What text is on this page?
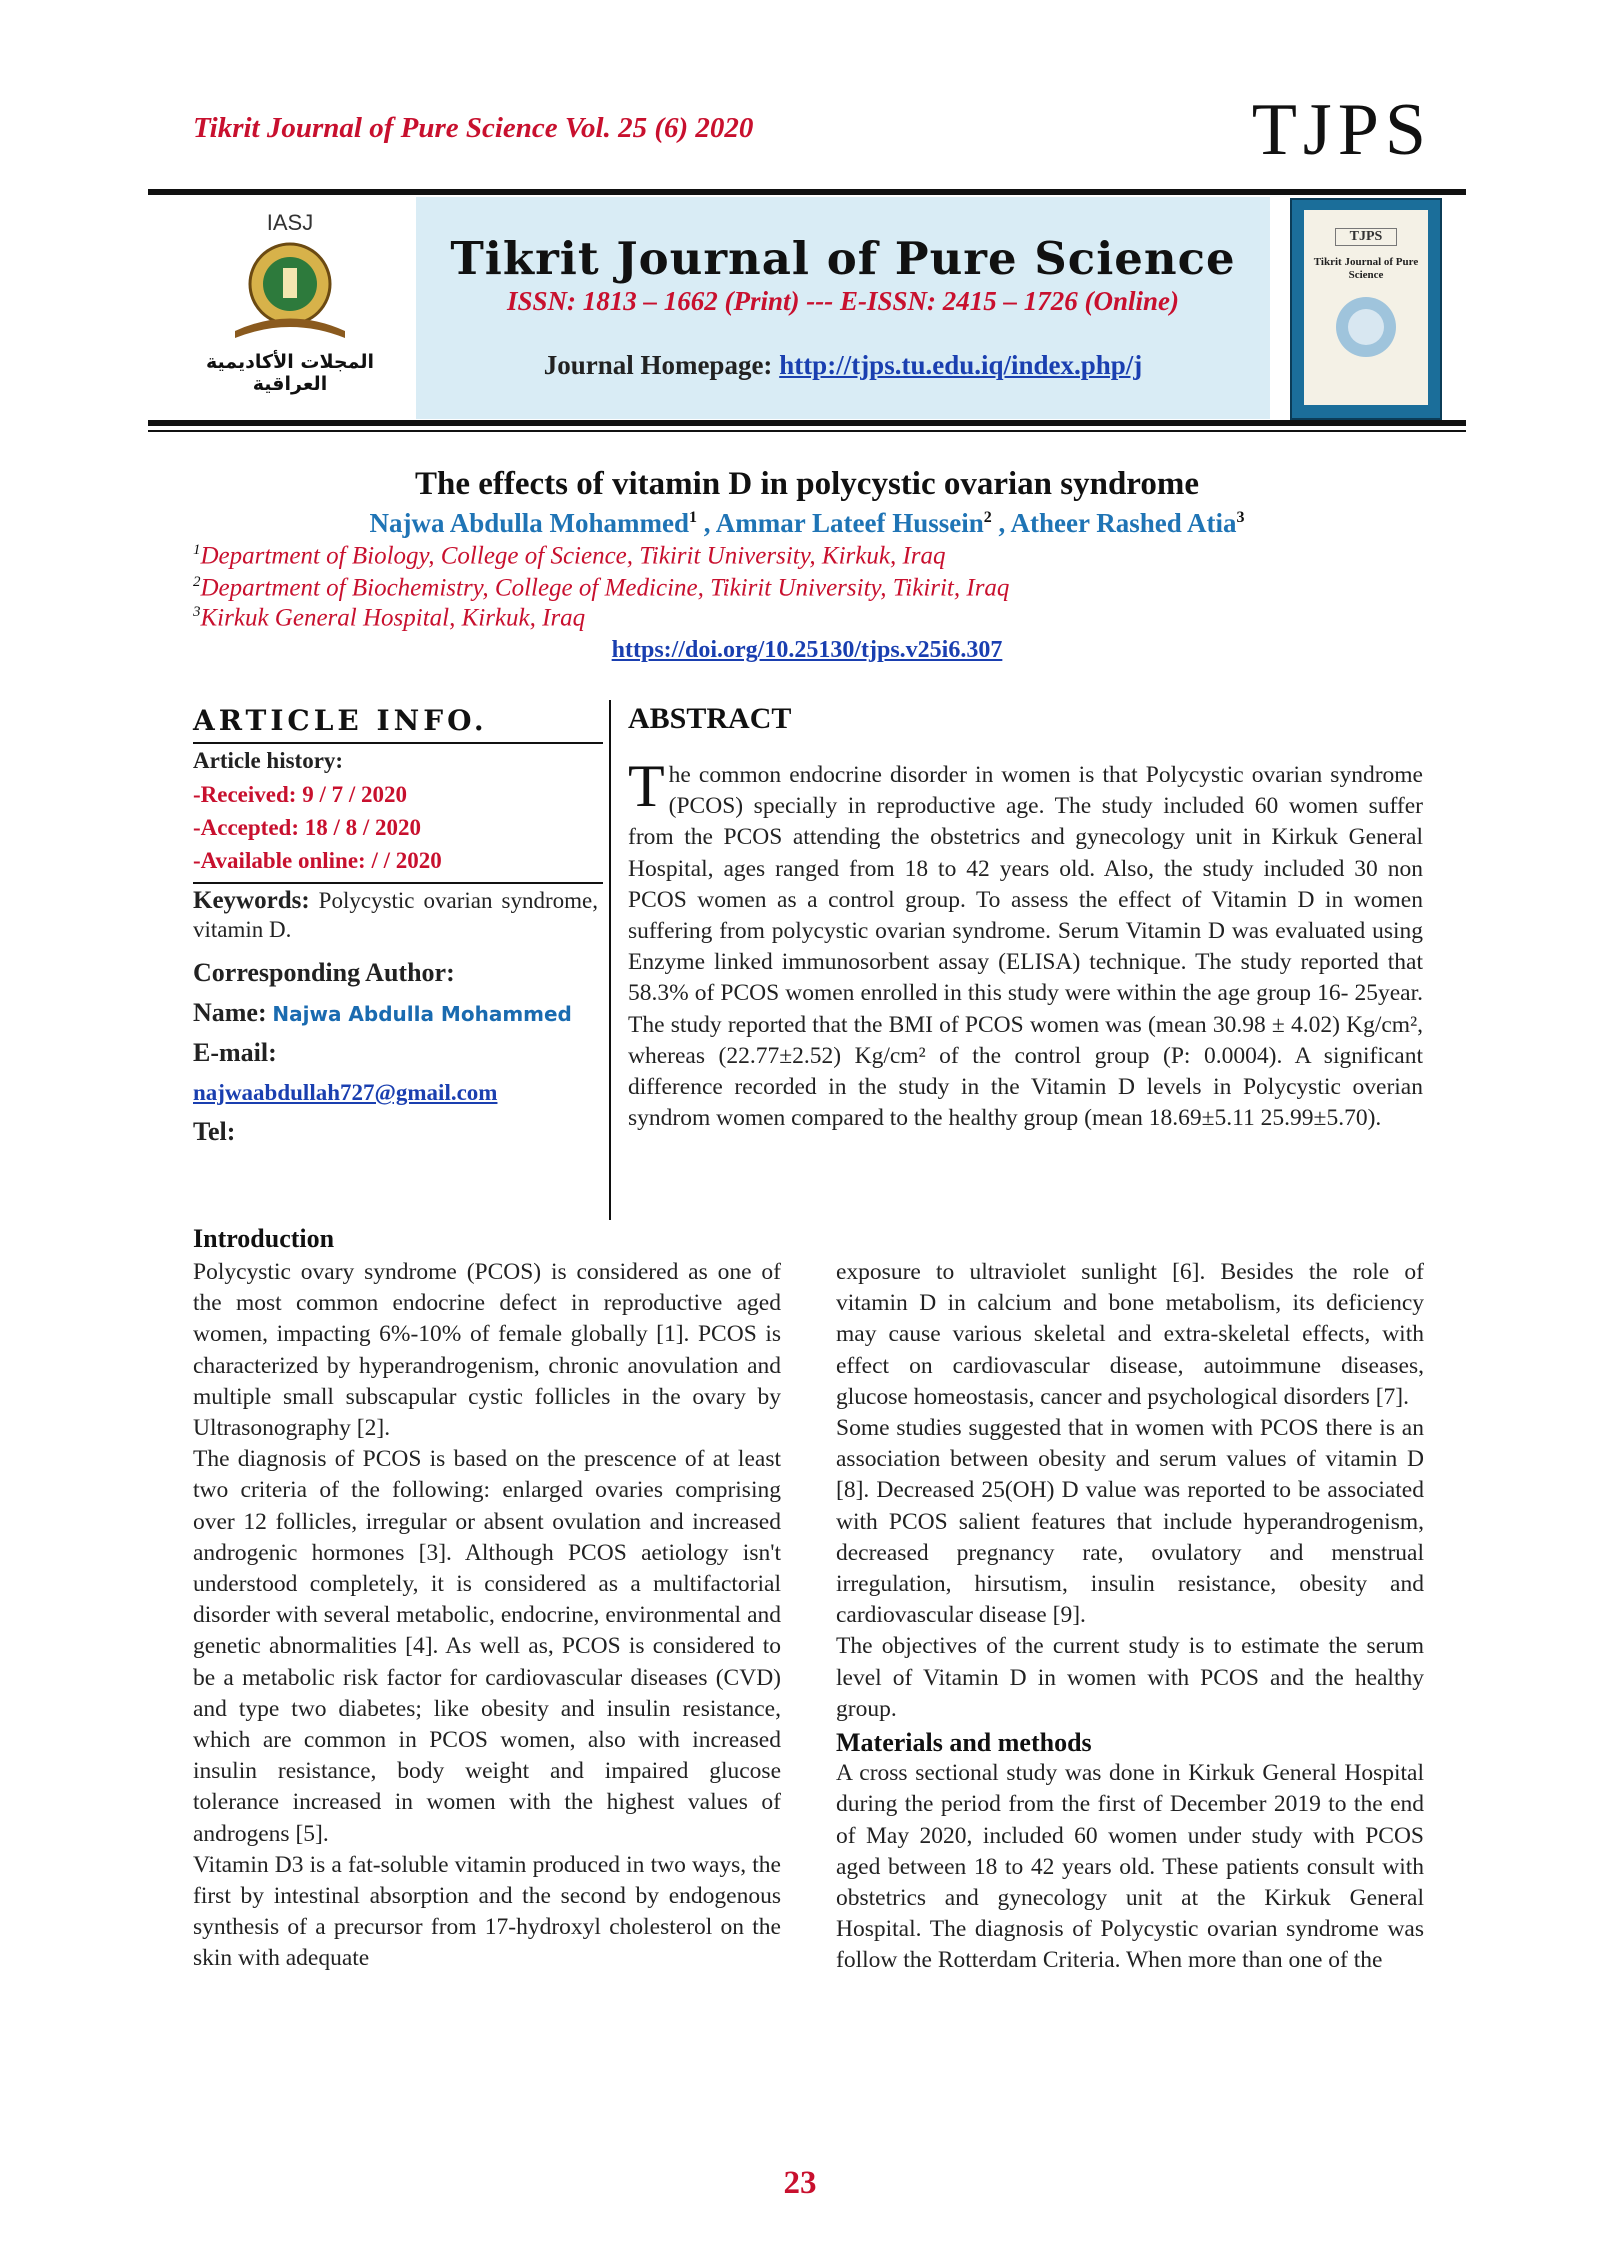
Tikrit Journal of Pure Science Vol. 25 (6) 2020	TJPS
IASJ
المجلات الأكاديمية العراقية
Tikrit Journal of Pure Science
ISSN: 1813 – 1662 (Print) --- E-ISSN: 2415 – 1726 (Online)
Journal Homepage: http://tjps.tu.edu.iq/index.php/j
TJPS
Tikrit Journal of Pure Science
The effects of vitamin D in polycystic ovarian syndrome
Najwa Abdulla Mohammed$^1$ , Ammar Lateef Hussein$^2$ , Atheer Rashed Atia$^3$
$^1$Department of Biology, College of Science, Tikirit University, Kirkuk, Iraq
$^2$Department of Biochemistry, College of Medicine, Tikirit University, Tikirit, Iraq
$^3$Kirkuk General Hospital, Kirkuk, Iraq
https://doi.org/10.25130/tjps.v25i6.307
ARTICLE INFO.
Article history:
-Received: 9 / 7 / 2020
-Accepted: 18 / 8 / 2020
-Available online: / / 2020
Keywords: Polycystic ovarian syndrome, vitamin D.
Corresponding Author:
Name: Najwa Abdulla Mohammed
E-mail:
najwaabdullah727@gmail.com
Tel:
ABSTRACT
The common endocrine disorder in women is that Polycystic ovarian syndrome (PCOS) specially in reproductive age. The study included 60 women suffer from the PCOS attending the obstetrics and gynecology unit in Kirkuk General Hospital, ages ranged from 18 to 42 years old. Also, the study included 30 non PCOS women as a control group. To assess the effect of Vitamin D in women suffering from polycystic ovarian syndrome. Serum Vitamin D was evaluated using Enzyme linked immunosorbent assay (ELISA) technique. The study reported that 58.3% of PCOS women enrolled in this study were within the age group 16- 25year. The study reported that the BMI of PCOS women was (mean 30.98 ± 4.02) Kg/cm², whereas (22.77±2.52) Kg/cm² of the control group (P: 0.0004). A significant difference recorded in the study in the Vitamin D levels in Polycystic overian syndrom women compared to the healthy group (mean 18.69±5.11 25.99±5.70).
Introduction

Polycystic ovary syndrome (PCOS) is considered as one of the most common endocrine defect in reproductive aged women, impacting 6%-10% of female globally [1]. PCOS is characterized by hyperandrogenism, chronic anovulation and multiple small subscapular cystic follicles in the ovary by Ultrasonography [2].

The diagnosis of PCOS is based on the prescence of at least two criteria of the following: enlarged ovaries comprising over 12 follicles, irregular or absent ovulation and increased androgenic hormones [3]. Although PCOS aetiology isn't understood completely, it is considered as a multifactorial disorder with several metabolic, endocrine, environmental and genetic abnormalities [4]. As well as, PCOS is considered to be a metabolic risk factor for cardiovascular diseases (CVD) and type two diabetes; like obesity and insulin resistance, which are common in PCOS women, also with increased insulin resistance, body weight and impaired glucose tolerance increased in women with the highest values of androgens [5].

Vitamin D3 is a fat-soluble vitamin produced in two ways, the first by intestinal absorption and the second by endogenous synthesis of a precursor from 17-hydroxyl cholesterol on the skin with adequate

exposure to ultraviolet sunlight [6]. Besides the role of vitamin D in calcium and bone metabolism, its deficiency may cause various skeletal and extra-skeletal effects, with effect on cardiovascular disease, autoimmune diseases, glucose homeostasis, cancer and psychological disorders [7].

Some studies suggested that in women with PCOS there is an association between obesity and serum values of vitamin D [8]. Decreased 25(OH) D value was reported to be associated with PCOS salient features that include hyperandrogenism, decreased pregnancy rate, ovulatory and menstrual irregulation, hirsutism, insulin resistance, obesity and cardiovascular disease [9].

The objectives of the current study is to estimate the serum level of Vitamin D in women with PCOS and the healthy group.

Materials and methods

A cross sectional study was done in Kirkuk General Hospital during the period from the first of December 2019 to the end of May 2020, included 60 women under study with PCOS aged between 18 to 42 years old. These patients consult with obstetrics and gynecology unit at the Kirkuk General Hospital. The diagnosis of Polycystic ovarian syndrome was follow the Rotterdam Criteria. When more than one of the

23
